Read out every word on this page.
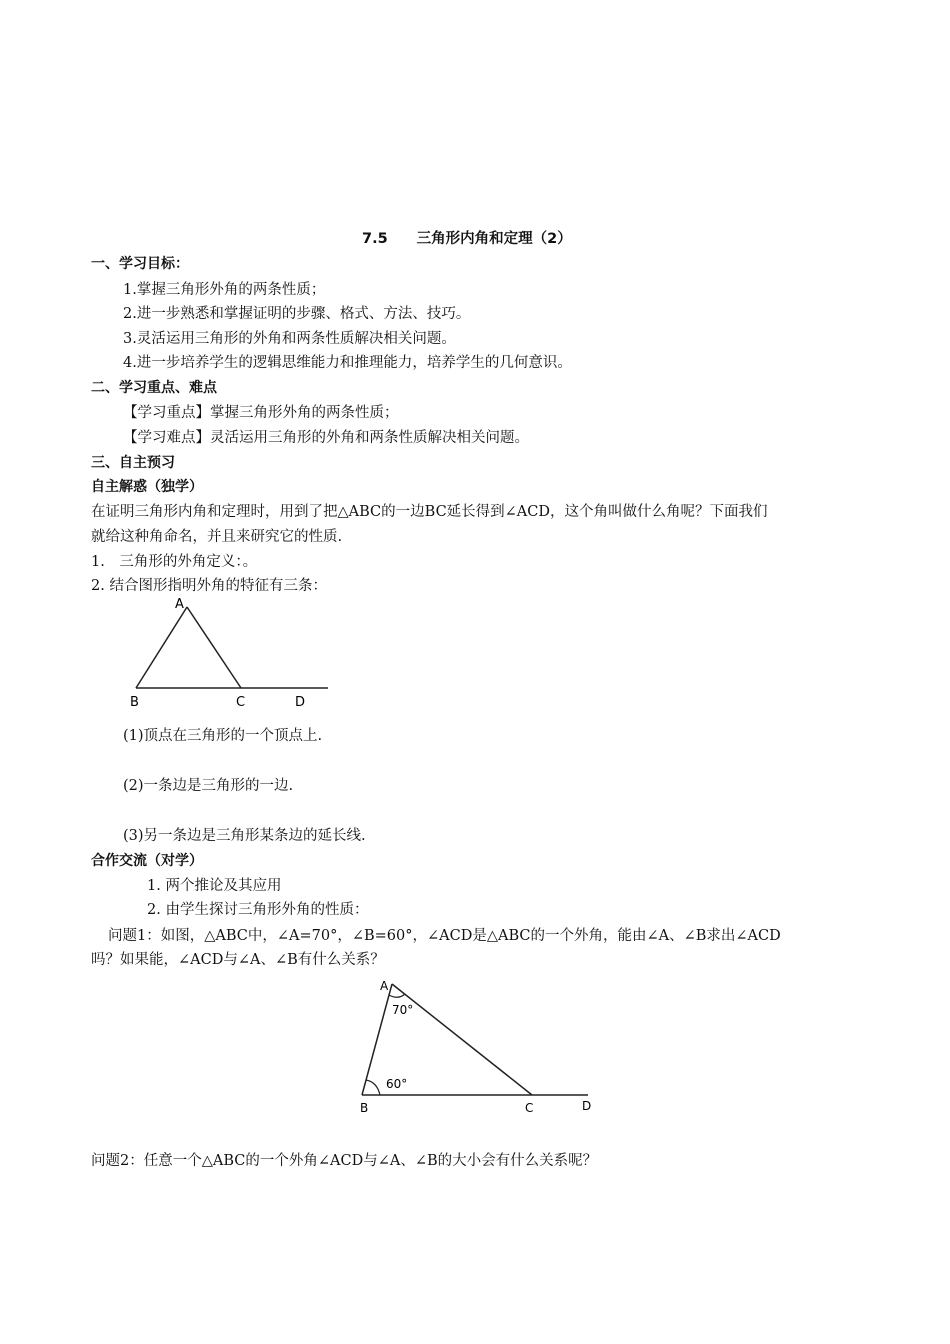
7.5　　三角形内角和定理（2）
一、学习目标：
1.掌握三角形外角的两条性质；
2.进一步熟悉和掌握证明的步骤、格式、方法、技巧。
3.灵活运用三角形的外角和两条性质解决相关问题。
4.进一步培养学生的逻辑思维能力和推理能力，培养学生的几何意识。
二、学习重点、难点
【学习重点】掌握三角形外角的两条性质；
【学习难点】灵活运用三角形的外角和两条性质解决相关问题。
三、自主预习
自主解惑（独学）
在证明三角形内角和定理时，用到了把△ABC的一边BC延长得到∠ACD，这个角叫做什么角呢？下面我们
就给这种角命名，并且来研究它的性质.
1.　三角形的外角定义：。
2. 结合图形指明外角的特征有三条：
A
B	C	D
(1)顶点在三角形的一个顶点上.
(2)一条边是三角形的一边.
(3)另一条边是三角形某条边的延长线.
合作交流（对学）
1. 两个推论及其应用
2. 由学生探讨三角形外角的性质：
问题1：如图，△ABC中，∠A=70°，∠B=60°，∠ACD是△ABC的一个外角，能由∠A、∠B求出∠ACD
吗？如果能，∠ACD与∠A、∠B有什么关系？
A
70°
60°
B	C	D
问题2：任意一个△ABC的一个外角∠ACD与∠A、∠B的大小会有什么关系呢？
